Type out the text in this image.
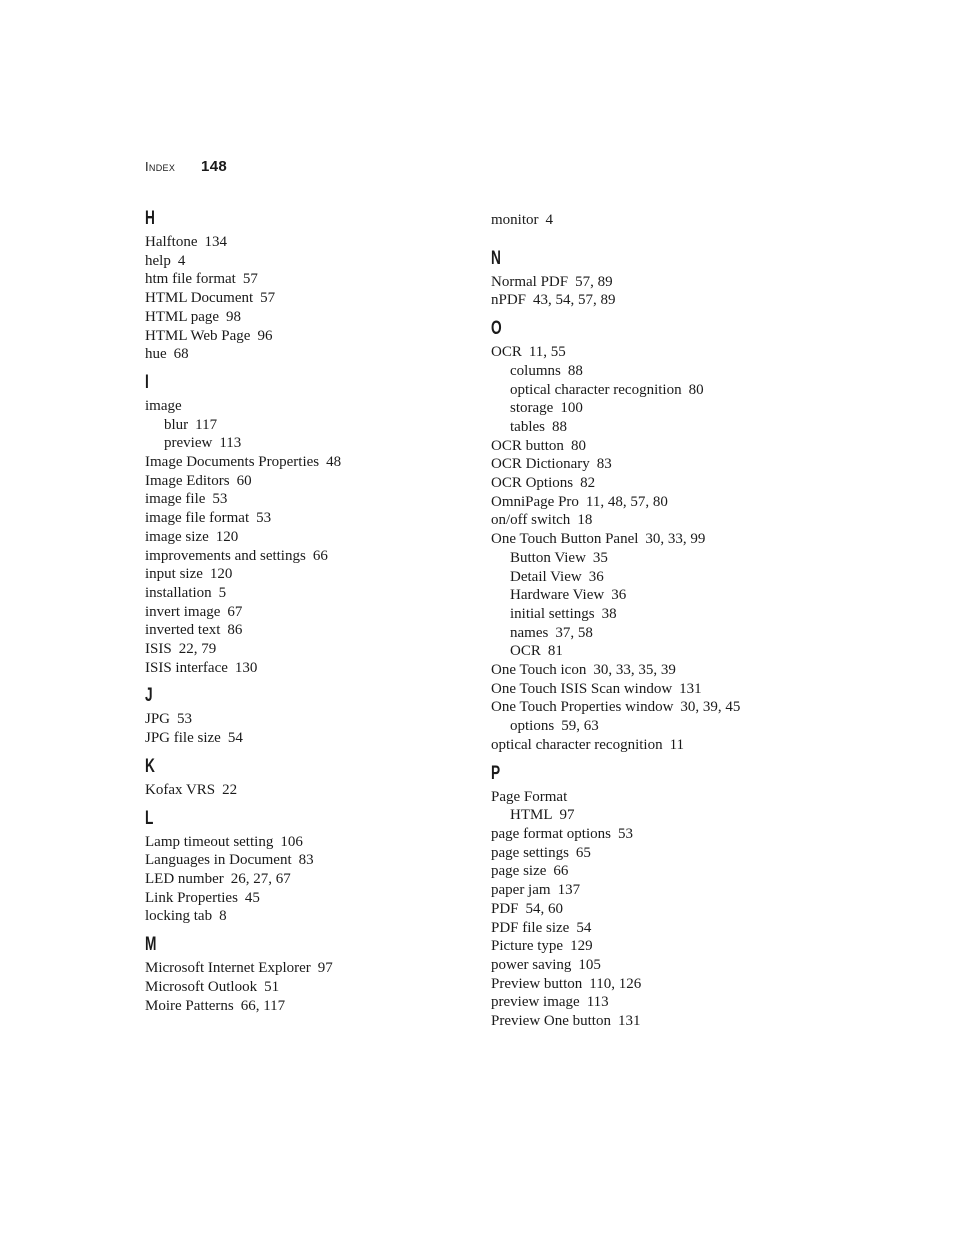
Index 148
H
Halftone 134
help 4
htm file format 57
HTML Document 57
HTML page 98
HTML Web Page 96
hue 68
I
image
blur 117
preview 113
Image Documents Properties 48
Image Editors 60
image file 53
image file format 53
image size 120
improvements and settings 66
input size 120
installation 5
invert image 67
inverted text 86
ISIS 22, 79
ISIS interface 130
J
JPG 53
JPG file size 54
K
Kofax VRS 22
L
Lamp timeout setting 106
Languages in Document 83
LED number 26, 27, 67
Link Properties 45
locking tab 8
M
Microsoft Internet Explorer 97
Microsoft Outlook 51
Moire Patterns 66, 117
monitor 4
N
Normal PDF 57, 89
nPDF 43, 54, 57, 89
O
OCR 11, 55
columns 88
optical character recognition 80
storage 100
tables 88
OCR button 80
OCR Dictionary 83
OCR Options 82
OmniPage Pro 11, 48, 57, 80
on/off switch 18
One Touch Button Panel 30, 33, 99
Button View 35
Detail View 36
Hardware View 36
initial settings 38
names 37, 58
OCR 81
One Touch icon 30, 33, 35, 39
One Touch ISIS Scan window 131
One Touch Properties window 30, 39, 45
options 59, 63
optical character recognition 11
P
Page Format
HTML 97
page format options 53
page settings 65
page size 66
paper jam 137
PDF 54, 60
PDF file size 54
Picture type 129
power saving 105
Preview button 110, 126
preview image 113
Preview One button 131
